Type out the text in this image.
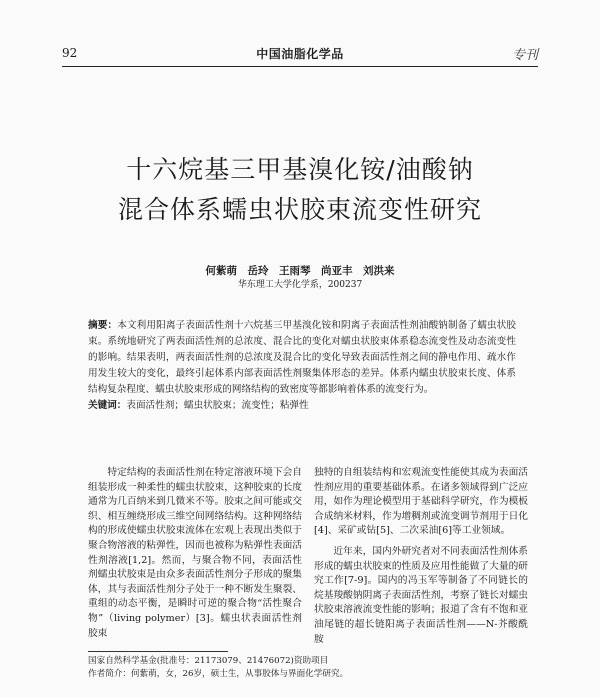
92	中国油脂化学品	专刊
十六烷基三甲基溴化铵/油酸钠
混合体系蠕虫状胶束流变性研究
何紫萌　岳玲　王雨琴　尚亚丰　刘洪来
华东理工大学化学系，200237
摘要：本文利用阳离子表面活性剂十六烷基三甲基溴化铵和阴离子表面活性剂油酸钠制备了蠕虫状胶束。系统地研究了两表面活性剂的总浓度、混合比的变化对蠕虫状胶束体系稳态流变性及动态流变性的影响。结果表明，两表面活性剂的总浓度及混合比的变化导致表面活性剂之间的静电作用、疏水作用发生较大的变化，最终引起体系内部表面活性剂聚集体形态的差异。体系内蠕虫状胶束长度、体系结构复杂程度、蠕虫状胶束形成的网络结构的致密度等都影响着体系的流变行为。
关键词：表面活性剂；蠕虫状胶束；流变性；粘弹性

特定结构的表面活性剂在特定溶液环境下会自组装形成一种柔性的蠕虫状胶束，这种胶束的长度通常为几百纳米到几微米不等。胶束之间可能或交织、相互缠绕形成三维空间网络结构。这种网络结构的形成使蠕虫状胶束流体在宏观上表现出类似于聚合物溶液的粘弹性，因而也被称为粘弹性表面活性剂溶液[1,2]。然而，与聚合物不同，表面活性剂蠕虫状胶束是由众多表面活性剂分子形成的聚集体，其与表面活性剂分子处于一种不断发生聚裂、重组的动态平衡，是瞬时可逆的聚合物“活性聚合物”（living polymer）[3]。蠕虫状表面活性剂胶束

独特的自组装结构和宏观流变性能使其成为表面活性剂应用的重要基础体系。在诸多领域得到广泛应用，如作为理论模型用于基础科学研究，作为模板合成纳米材料，作为增稠剂或流变调节剂用于日化[4]、采矿或钻[5]、二次采油[6]等工业领域。

近年来，国内外研究者对不同表面活性剂体系形成的蠕虫状胶束的性质及应用性能做了大量的研究工作[7-9]。国内的冯玉军等制备了不同链长的烷基羧酸钠阴离子表面活性剂，考察了链长对蠕虫状胶束溶液流变性能的影响；报道了含有不饱和亚油尾链的超长链阳离子表面活性剂——N-芥酸酰胺

国家自然科学基金(批准号：21173079、21476072)资助项目
作者简介：何紫萌，女，26岁，硕士生，从事胶体与界面化学研究。
